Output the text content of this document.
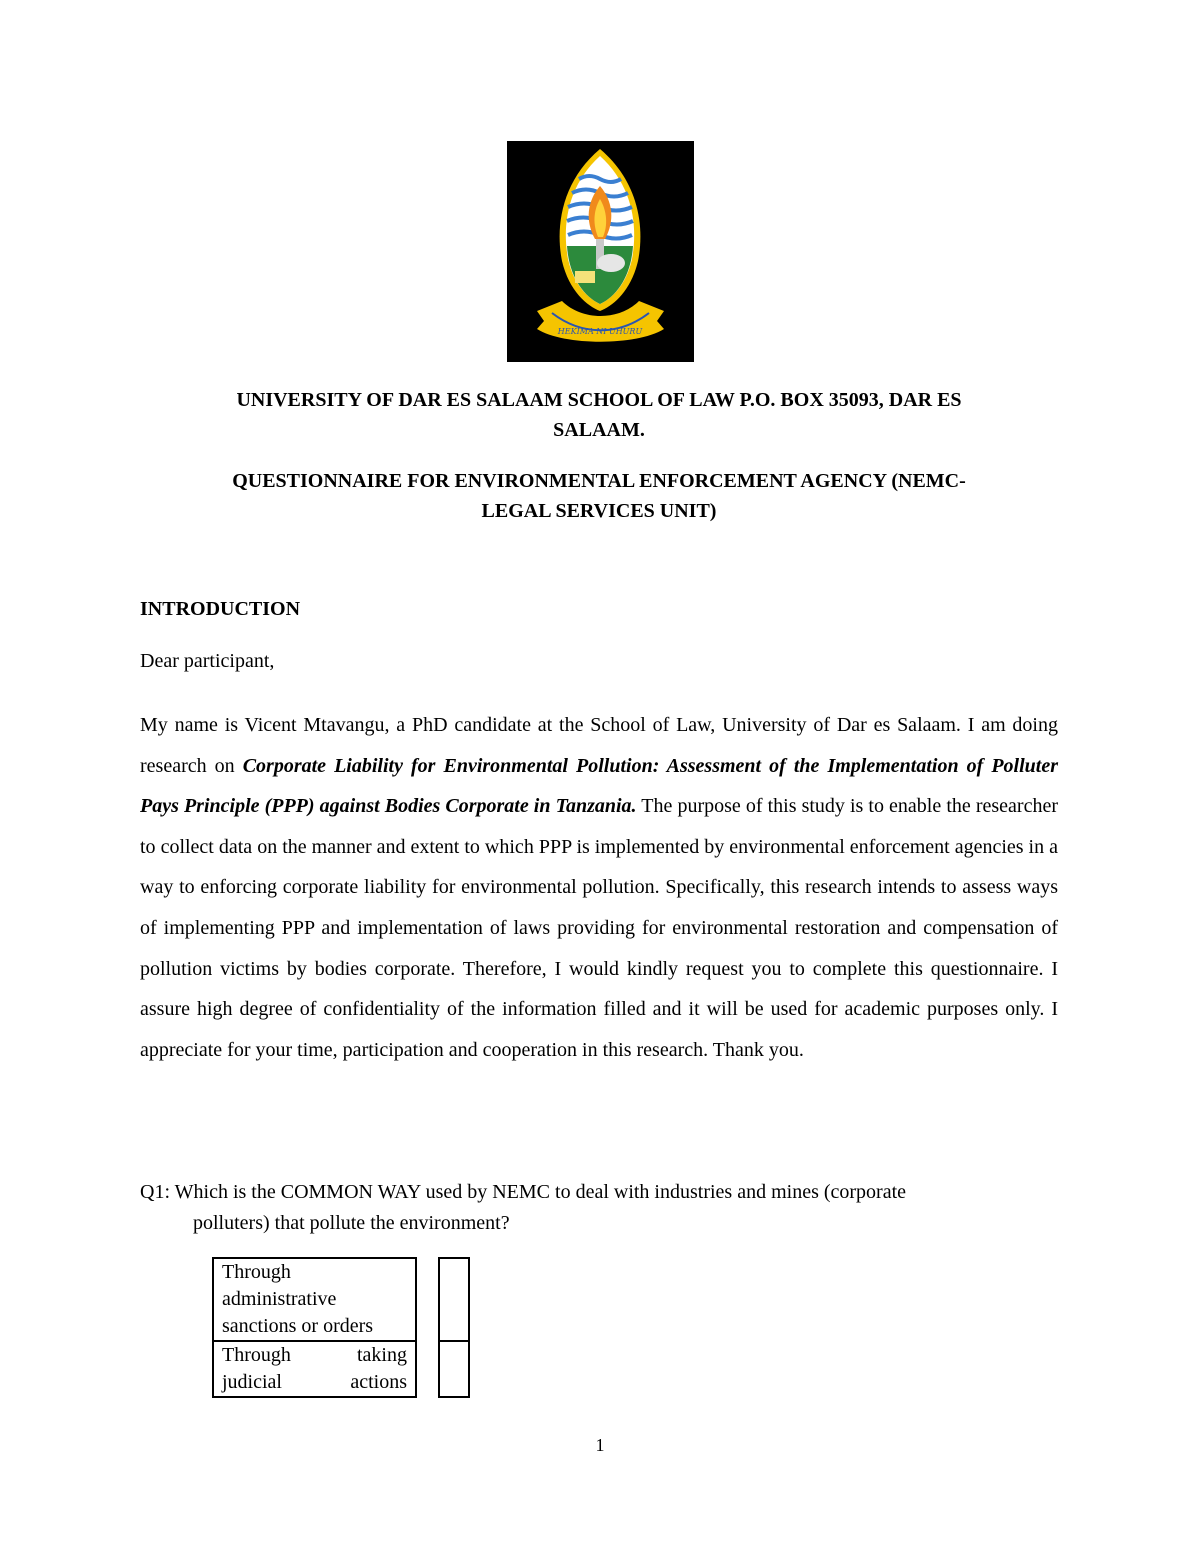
HEKIMA NI UHURU
UNIVERSITY OF DAR ES SALAAM SCHOOL OF LAW P.O. BOX 35093, DAR ES
SALAAM.
QUESTIONNAIRE FOR ENVIRONMENTAL ENFORCEMENT AGENCY (NEMC-
LEGAL SERVICES UNIT)
INTRODUCTION
Dear participant,

My name is Vicent Mtavangu, a PhD candidate at the School of Law, University of Dar es Salaam. I am doing research on Corporate Liability for Environmental Pollution: Assessment of the Implementation of Polluter Pays Principle (PPP) against Bodies Corporate in Tanzania. The purpose of this study is to enable the researcher to collect data on the manner and extent to which PPP is implemented by environmental enforcement agencies in a way to enforcing corporate liability for environmental pollution. Specifically, this research intends to assess ways of implementing PPP and implementation of laws providing for environmental restoration and compensation of pollution victims by bodies corporate. Therefore, I would kindly request you to complete this questionnaire. I assure high degree of confidentiality of the information filled and it will be used for academic purposes only. I appreciate for your time, participation and cooperation in this research. Thank you.

Q1: Which is the COMMON WAY used by NEMC to deal with industries and mines (corporate
polluters) that pollute the environment?
Through administrative sanctions or orders		
Through taking judicial actions		
1
